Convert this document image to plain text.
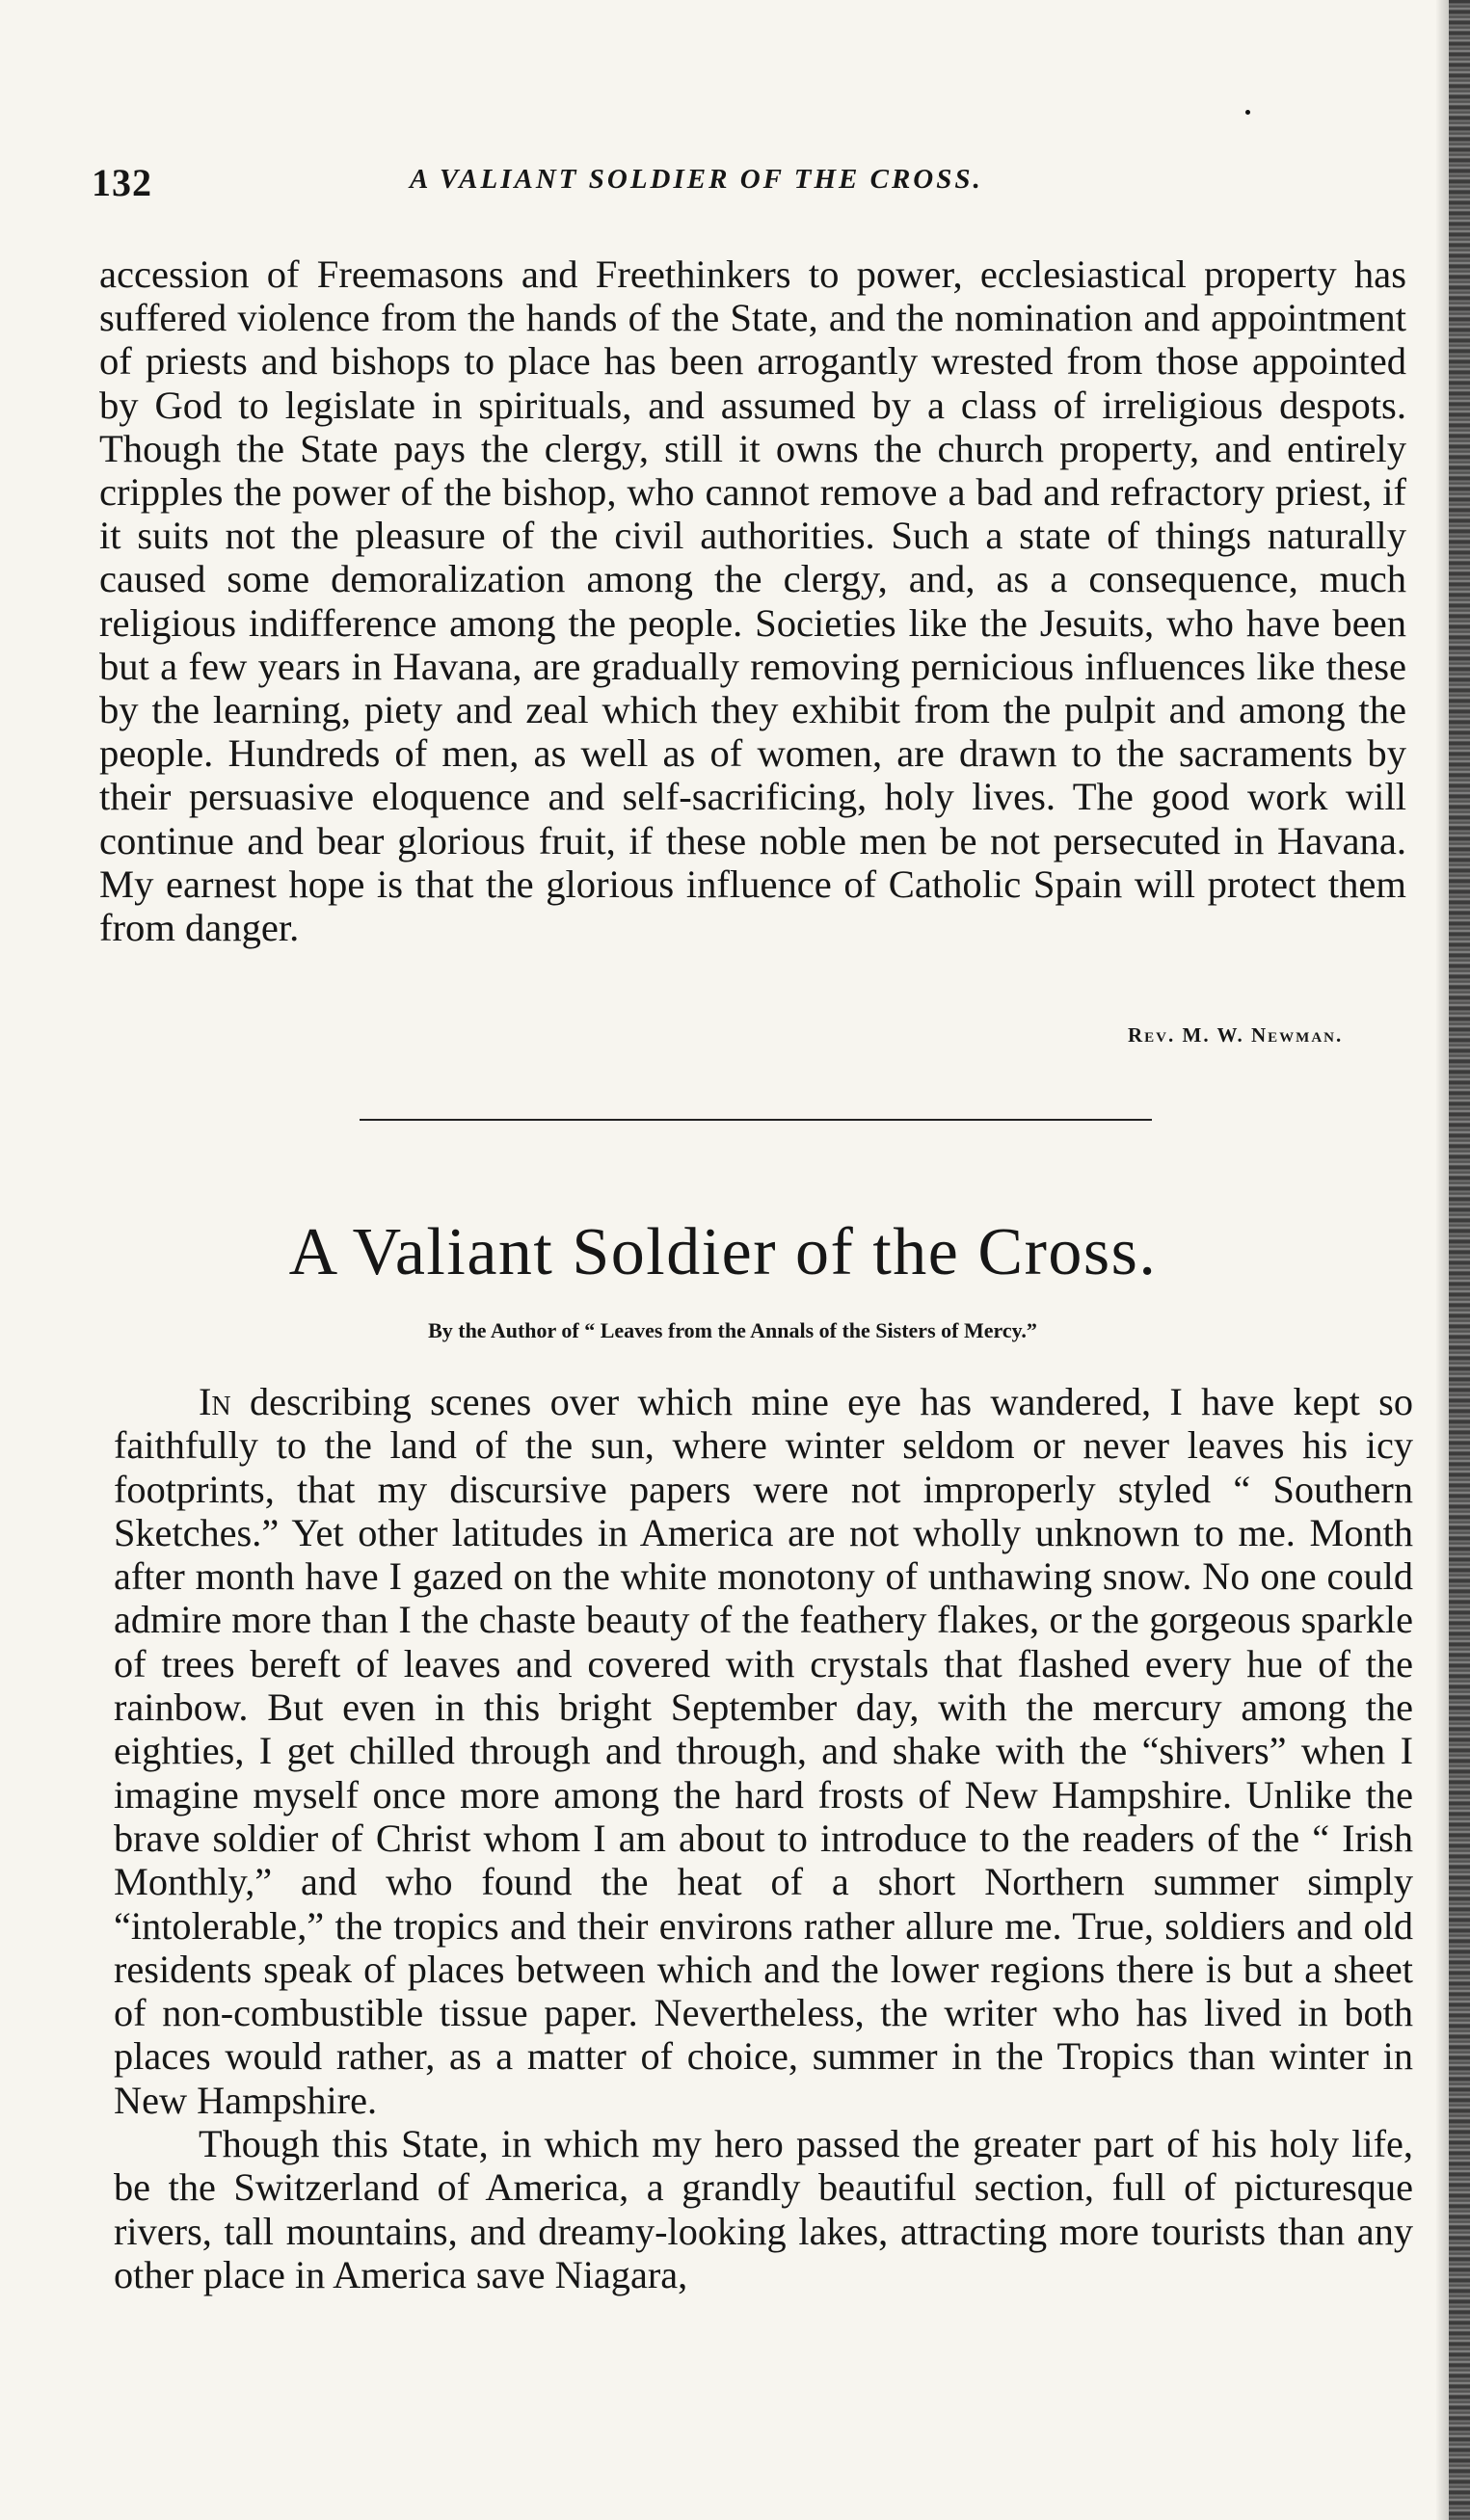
132	A VALIANT SOLDIER OF THE CROSS.

accession of Freemasons and Freethinkers to power, ecclesiastical property has suffered violence from the hands of the State, and the nomination and appointment of priests and bishops to place has been arrogantly wrested from those appointed by God to legislate in spirituals, and assumed by a class of irreligious despots. Though the State pays the clergy, still it owns the church property, and entirely cripples the power of the bishop, who cannot remove a bad and refractory priest, if it suits not the pleasure of the civil authorities. Such a state of things naturally caused some demoralization among the clergy, and, as a consequence, much religious indifference among the people. Societies like the Jesuits, who have been but a few years in Havana, are gradually removing pernicious influences like these by the learning, piety and zeal which they exhibit from the pulpit and among the people. Hundreds of men, as well as of women, are drawn to the sacraments by their persuasive eloquence and self-sacrificing, holy lives. The good work will continue and bear glorious fruit, if these noble men be not persecuted in Havana. My earnest hope is that the glorious influence of Catholic Spain will protect them from danger.

Rev. M. W. Newman.
A Valiant Soldier of the Cross.
By the Author of “ Leaves from the Annals of the Sisters of Mercy.”

In describing scenes over which mine eye has wandered, I have kept so faithfully to the land of the sun, where winter seldom or never leaves his icy footprints, that my discursive papers were not improperly styled “ Southern Sketches.” Yet other latitudes in America are not wholly unknown to me. Month after month have I gazed on the white monotony of unthawing snow. No one could admire more than I the chaste beauty of the feathery flakes, or the gorgeous sparkle of trees bereft of leaves and covered with crystals that flashed every hue of the rainbow. But even in this bright September day, with the mercury among the eighties, I get chilled through and through, and shake with the “shivers” when I imagine myself once more among the hard frosts of New Hampshire. Unlike the brave soldier of Christ whom I am about to introduce to the readers of the “ Irish Monthly,” and who found the heat of a short Northern summer simply “intolerable,” the tropics and their environs rather allure me. True, soldiers and old residents speak of places between which and the lower regions there is but a sheet of non-combustible tissue paper. Nevertheless, the writer who has lived in both places would rather, as a matter of choice, summer in the Tropics than winter in New Hampshire.

Though this State, in which my hero passed the greater part of his holy life, be the Switzerland of America, a grandly beautiful section, full of picturesque rivers, tall mountains, and dreamy-looking lakes, attracting more tourists than any other place in America save Niagara,
